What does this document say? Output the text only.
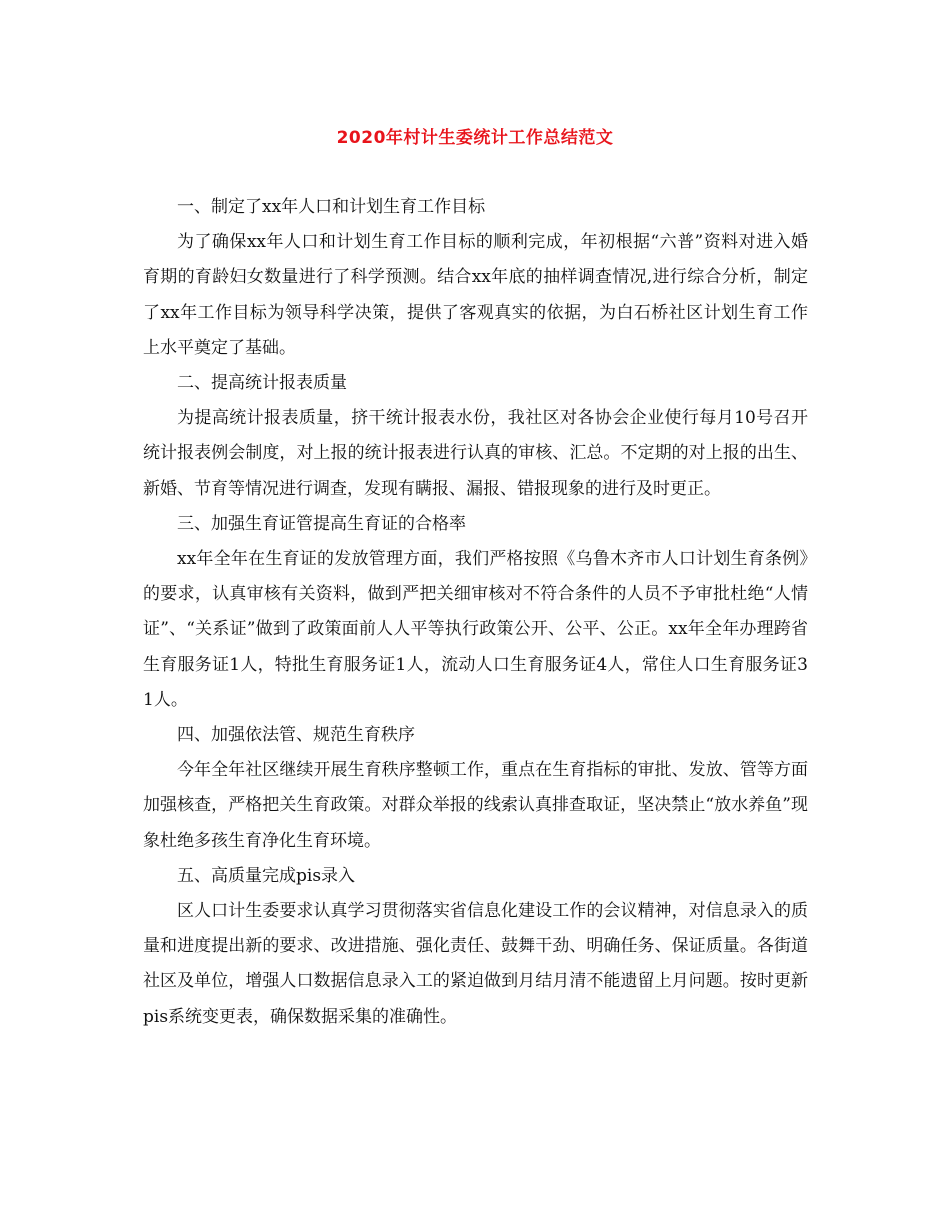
2020年村计生委统计工作总结范文

一、制定了xx年人口和计划生育工作目标

为了确保xx年人口和计划生育工作目标的顺利完成，年初根据“六普”资料对进入婚育期的育龄妇女数量进行了科学预测。结合xx年底的抽样调查情况,进行综合分析，制定了xx年工作目标为领导科学决策，提供了客观真实的依据，为白石桥社区计划生育工作上水平奠定了基础。

二、提高统计报表质量

为提高统计报表质量，挤干统计报表水份，我社区对各协会企业使行每月10号召开统计报表例会制度，对上报的统计报表进行认真的审核、汇总。不定期的对上报的出生、新婚、节育等情况进行调查，发现有瞒报、漏报、错报现象的进行及时更正。

三、加强生育证管提高生育证的合格率

xx年全年在生育证的发放管理方面，我们严格按照《乌鲁木齐市人口计划生育条例》的要求，认真审核有关资料，做到严把关细审核对不符合条件的人员不予审批杜绝“人情证”、“关系证”做到了政策面前人人平等执行政策公开、公平、公正。xx年全年办理跨省生育服务证1人，特批生育服务证1人，流动人口生育服务证4人，常住人口生育服务证31人。

四、加强依法管、规范生育秩序

今年全年社区继续开展生育秩序整顿工作，重点在生育指标的审批、发放、管等方面加强核查，严格把关生育政策。对群众举报的线索认真排查取证，坚决禁止“放水养鱼”现象杜绝多孩生育净化生育环境。

五、高质量完成pis录入

区人口计生委要求认真学习贯彻落实省信息化建设工作的会议精神，对信息录入的质量和进度提出新的要求、改进措施、强化责任、鼓舞干劲、明确任务、保证质量。各街道社区及单位，增强人口数据信息录入工的紧迫做到月结月清不能遗留上月问题。按时更新pis系统变更表，确保数据采集的准确性。
